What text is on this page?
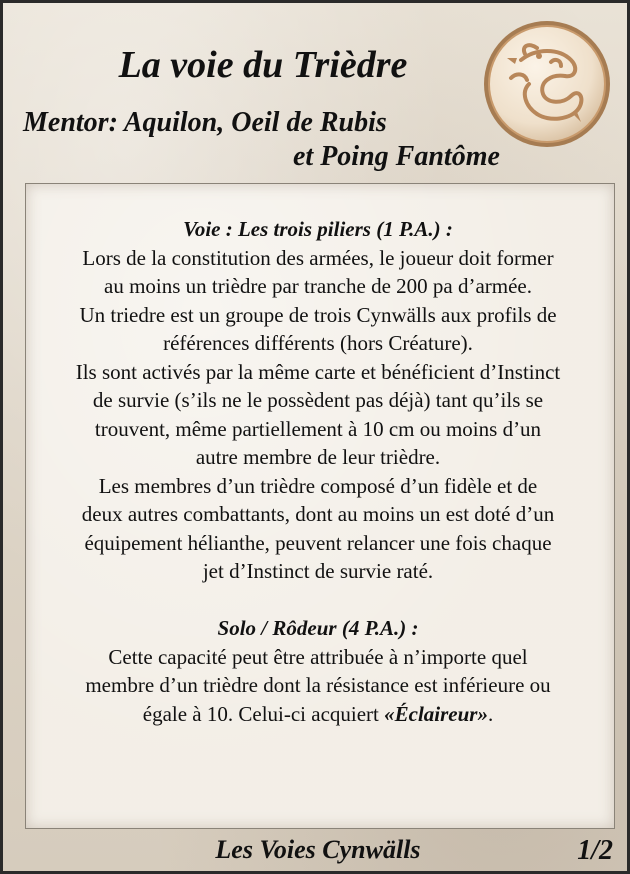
La voie du Trièdre
Mentor: Aquilon, Oeil de Rubis
et Poing Fantôme

Voie : Les trois piliers (1 P.A.) :

Lors de la constitution des armées, le joueur doit former

au moins un trièdre par tranche de 200 pa d’armée.

Un triedre est un groupe de trois Cynwälls aux profils de

références différents (hors Créature).

Ils sont activés par la même carte et bénéficient d’Instinct

de survie (s’ils ne le possèdent pas déjà) tant qu’ils se

trouvent, même partiellement à 10 cm ou moins d’un

autre membre de leur trièdre.

Les membres d’un trièdre composé d’un fidèle et de

deux autres combattants, dont au moins un est doté d’un

équipement hélianthe, peuvent relancer une fois chaque

jet d’Instinct de survie raté.

Solo / Rôdeur (4 P.A.) :

Cette capacité peut être attribuée à n’importe quel

membre d’un trièdre dont la résistance est inférieure ou

égale à 10. Celui-ci acquiert «Éclaireur».

Les Voies Cynwälls	1/2
